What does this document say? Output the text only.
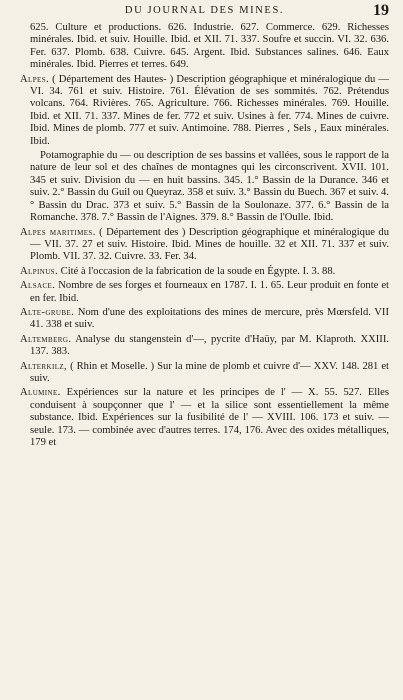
DU JOURNAL DES MINES.	19

625. Culture et productions. 626. Industrie. 627. Commerce. 629. Richesses minérales. Ibid. et suiv. Houille. Ibid. et XII. 71. 337. Soufre et succin. VI. 32. 636. Fer. 637. Plomb. 638. Cuivre. 645. Argent. Ibid. Substances salines. 646. Eaux minérales. Ibid. Pierres et terres. 649.

Alpes. ( Département des Hautes- ) Description géographique et minéralogique du — VI. 34. 761 et suiv. Histoire. 761. Élévation de ses sommités. 762. Prétendus volcans. 764. Rivières. 765. Agriculture. 766. Richesses minérales. 769. Houille. Ibid. et XII. 71. 337. Mines de fer. 772 et suiv. Usines à fer. 774. Mines de cuivre. Ibid. Mines de plomb. 777 et suiv. Antimoine. 788. Pierres , Sels , Eaux minérales. Ibid.

Potamographie du — ou description de ses bassins et vallées, sous le rapport de la nature de leur sol et des chaînes de montagnes qui les circonscrivent. XVII. 101. 345 et suiv. Division du — en huit bassins. 345. 1.° Bassin de la Durance. 346 et suiv. 2.° Bassin du Guil ou Queyraz. 358 et suiv. 3.° Bassin du Buech. 367 et suiv. 4.° Bassin du Drac. 373 et suiv. 5.° Bassin de la Soulonaze. 377. 6.° Bassin de la Romanche. 378. 7.° Bassin de l'Aignes. 379. 8.° Bassin de l'Oulle. Ibid.

Alpes maritimes. ( Département des ) Description géographique et minéralogique du — VII. 37. 27 et suiv. Histoire. Ibid. Mines de houille. 32 et XII. 71. 337 et suiv. Plomb. VII. 37. 32. Cuivre. 33. Fer. 34.

Alpinus. Cité à l'occasion de la fabrication de la soude en Égypte. I. 3. 88.

Alsace. Nombre de ses forges et fourneaux en 1787. I. 1. 65. Leur produit en fonte et en fer. Ibid.

Alte-grube. Nom d'une des exploitations des mines de mercure, près Mœrsfeld. VII 41. 338 et suiv.

Altemberg. Analyse du stangenstein d'—, pycrite d'Haüy, par M. Klaproth. XXIII. 137. 383.

Alterkilz, ( Rhin et Moselle. ) Sur la mine de plomb et cuivre d'— XXV. 148. 281 et suiv.

Alumine. Expériences sur la nature et les principes de l' — X. 55. 527. Elles conduisent à soupçonner que l' — et la silice sont essentiellement la même substance. Ibid. Expériences sur la fusibilité de l' — XVIII. 106. 173 et suiv. — seule. 173. — combinée avec d'autres terres. 174, 176. Avec des oxides métalliques, 179 et
